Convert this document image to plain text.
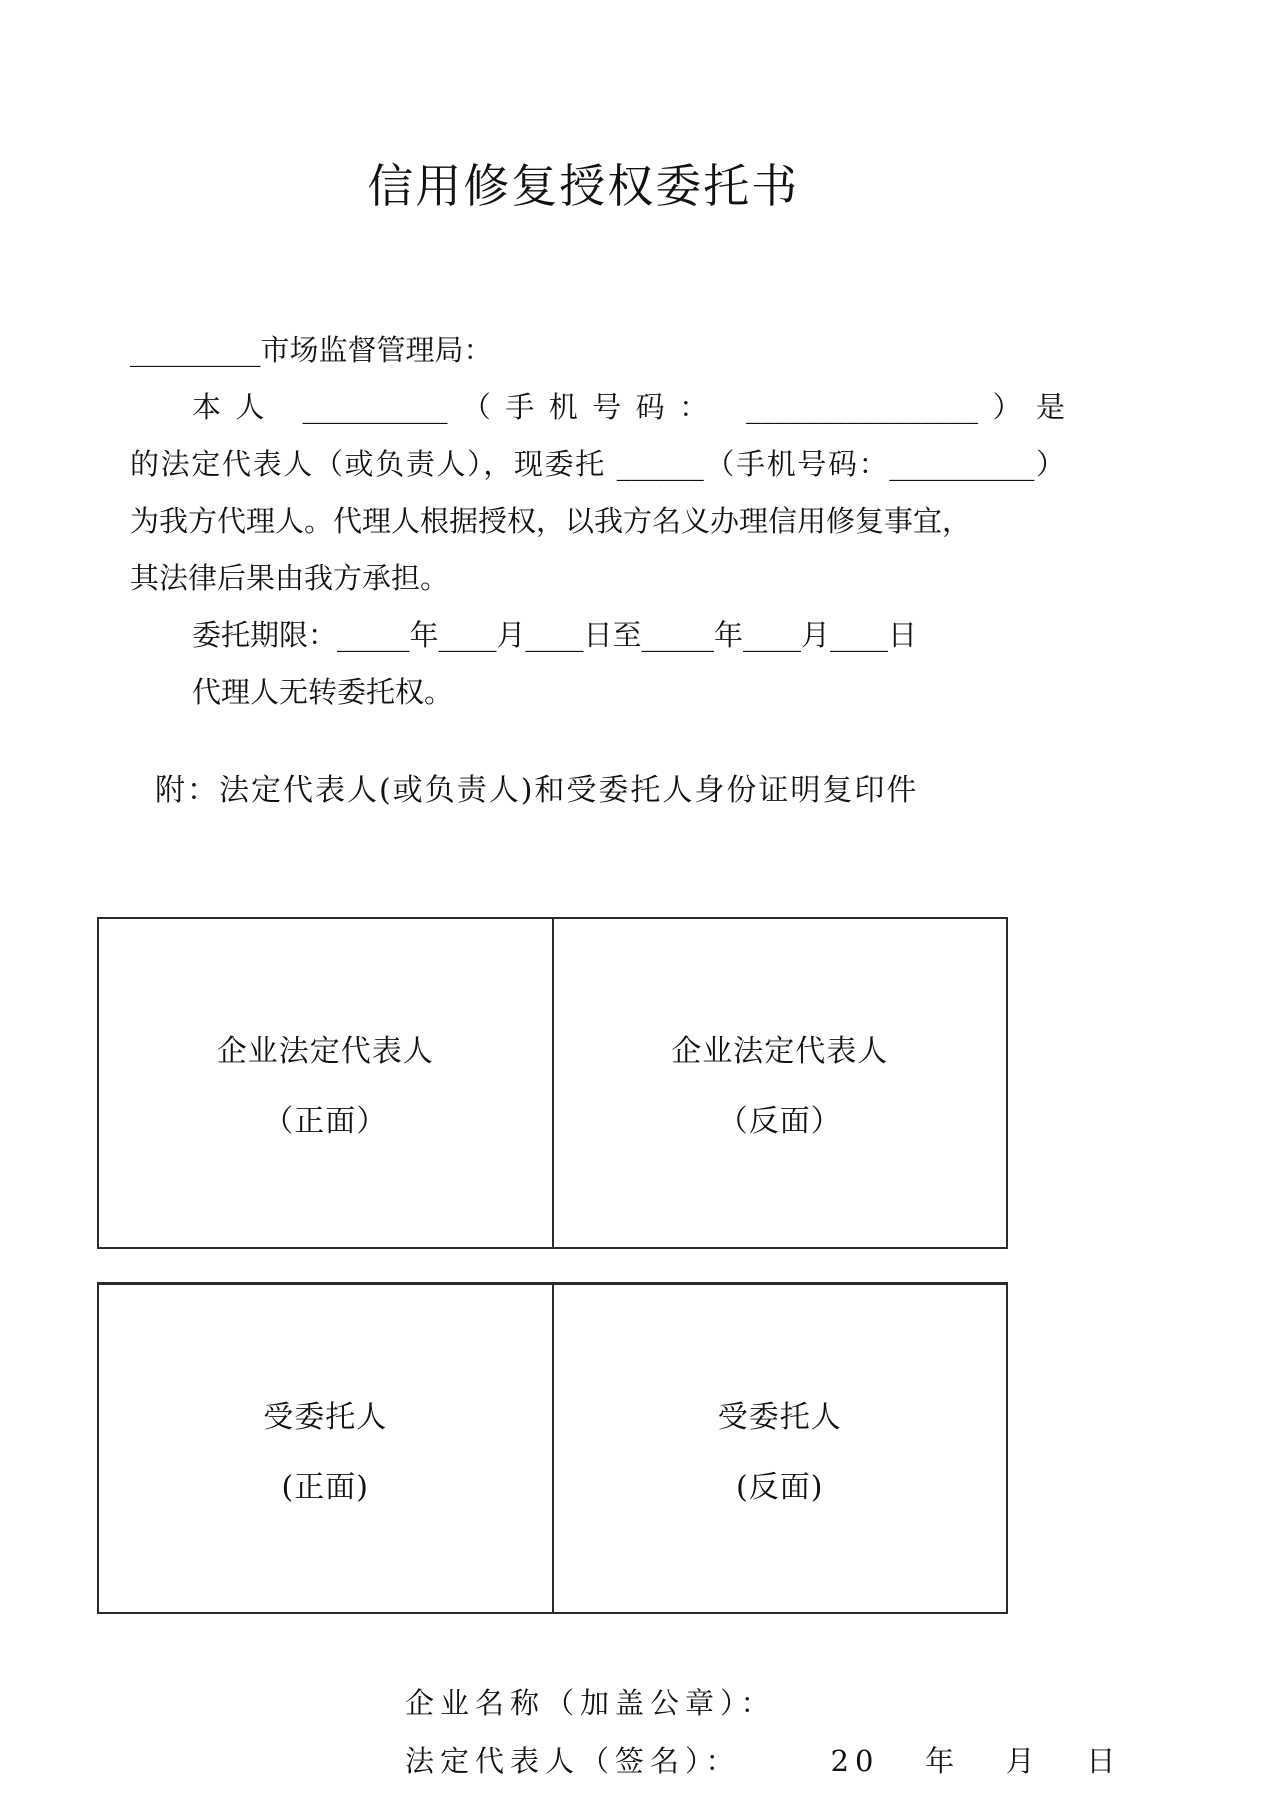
信用修复授权委托书

_________市场监督管理局：
本人 __________（手机号码： ________________）是
的法定代表人（或负责人），现委托 ______（手机号码：__________）
为我方代理人。代理人根据授权，以我方名义办理信用修复事宜，
其法律后果由我方承担。
委托期限：_____年____月____日至_____年____月____日
代理人无转委托权。
附：法定代表人(或负责人)和受委托人身份证明复印件
企业法定代表人
（正面）
企业法定代表人
（反面）
受委托人
(正面)
受委托人
(反面)
企业名称（加盖公章）：
法定代表人（签名）：	20   年   月   日
